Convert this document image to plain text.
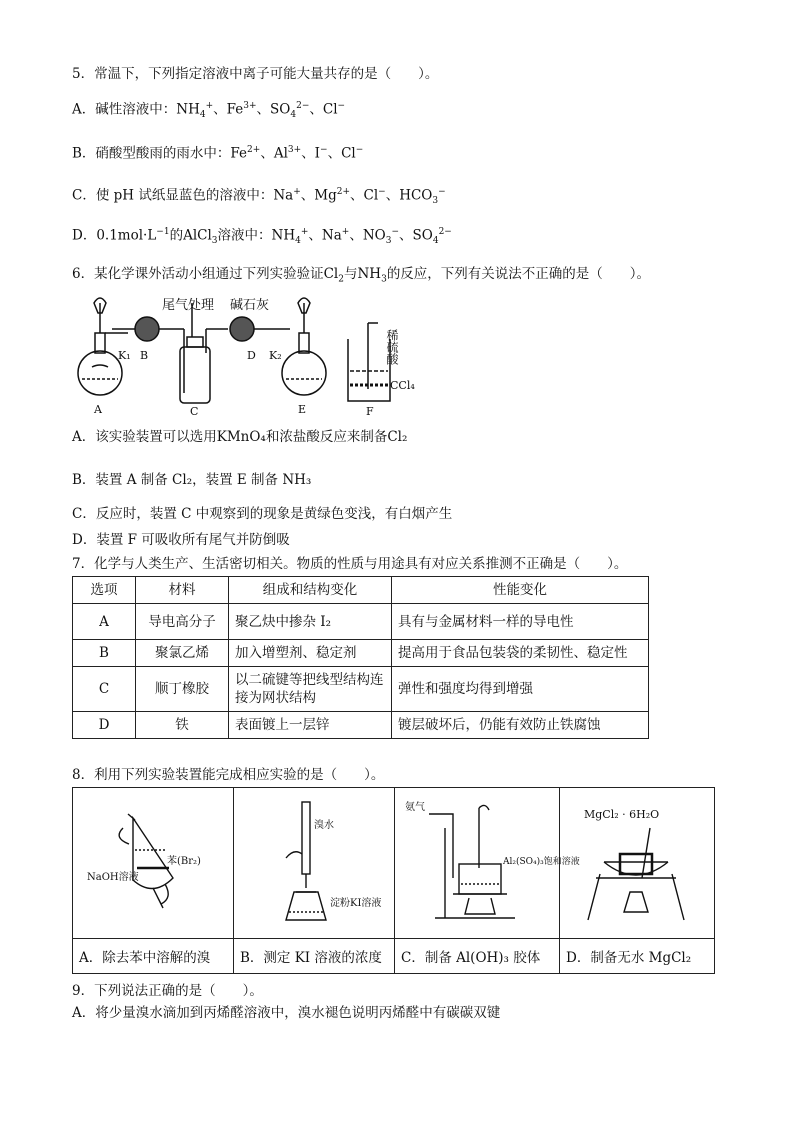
5．常温下，下列指定溶液中离子可能大量共存的是（　　）。
A．碱性溶液中：$NH_4^+$、$Fe^{3+}$、$SO_4^{2-}$、Cl−
B．硝酸型酸雨的雨水中：$Fe^{2+}$、$Al^{3+}$、I−、Cl−
C．使 pH 试纸显蓝色的溶液中：Na+、$Mg^{2+}$、Cl−、$HCO_3^-$
D．$0.1mol\cdot L^{-1}$的AlCl$_3$溶液中：$NH_4^+$、Na+、$NO_3^-$、$SO_4^{2-}$
6．某化学课外活动小组通过下列实验验证$Cl_2$与$NH_3$的反应，下列有关说法不正确的是（　　）。
尾气处理 碱石灰
K₁ B	D K₂
A	C	E	F
稀硫酸
CCl₄
A．该实验装置可以选用KMnO₄和浓盐酸反应来制备Cl₂
B．装置 A 制备 Cl₂，装置 E 制备 NH₃
C．反应时，装置 C 中观察到的现象是黄绿色变浅，有白烟产生
D．装置 F 可吸收所有尾气并防倒吸
7．化学与人类生产、生活密切相关。物质的性质与用途具有对应关系推测不正确是（　　）。
选项	材料	组成和结构变化	性能变化
A	导电高分子	聚乙炔中掺杂 I₂	具有与金属材料一样的导电性
B	聚氯乙烯	加入增塑剂、稳定剂	提高用于食品包装袋的柔韧性、稳定性
C	顺丁橡胶	以二硫键等把线型结构连接为网状结构	弹性和强度均得到增强
D	铁	表面镀上一层锌	镀层破坏后，仍能有效防止铁腐蚀
8．利用下列实验装置能完成相应实验的是（　　）。
苯(Br₂)
NaOH溶液	溴水
淀粉KI溶液	氨气
Al₂(SO₄)₃饱和溶液	MgCl₂ · 6H₂O

A．除去苯中溶解的溴	B．测定 KI 溶液的浓度	C．制备 Al(OH)₃ 胶体	D．制备无水 MgCl₂
9．下列说法正确的是（　　）。
A．将少量溴水滴加到丙烯醛溶液中，溴水褪色说明丙烯醛中有碳碳双键
